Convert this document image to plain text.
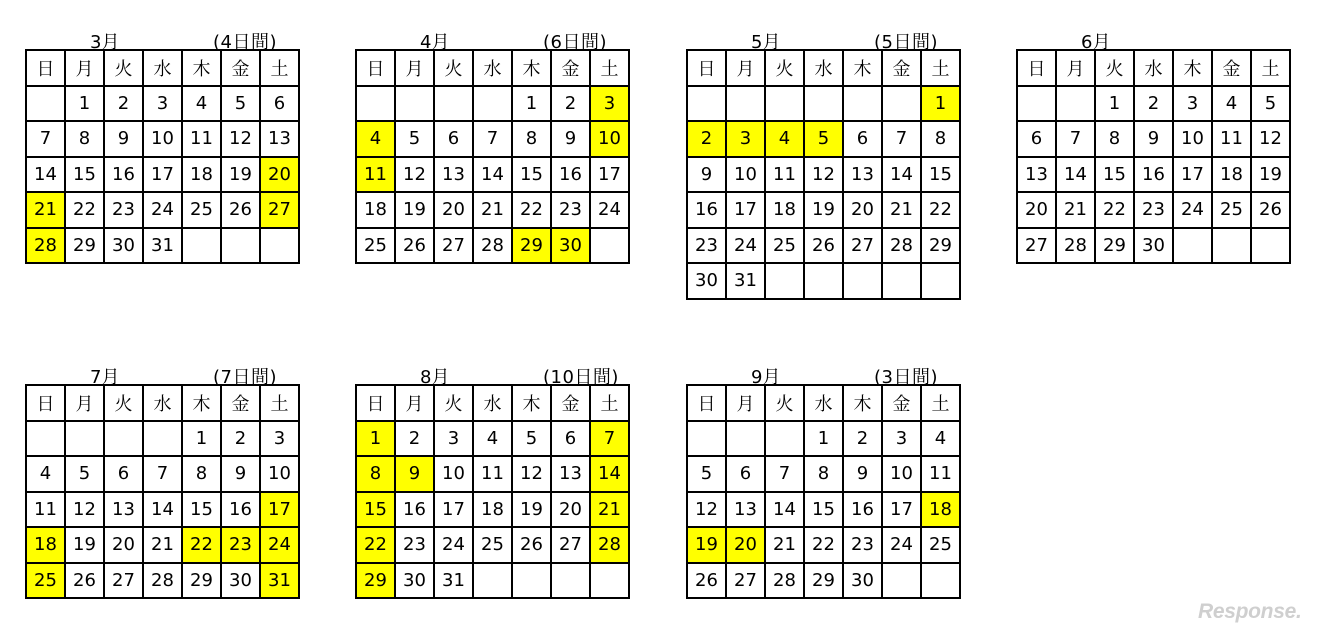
3月	(4日間)
日	月	火	水	木	金	土
	1	2	3	4	5	6
7	8	9	10	11	12	13
14	15	16	17	18	19	20
21	22	23	24	25	26	27
28	29	30	31			
4月	(6日間)
日	月	火	水	木	金	土
				1	2	3
4	5	6	7	8	9	10
11	12	13	14	15	16	17
18	19	20	21	22	23	24
25	26	27	28	29	30	
5月	(5日間)
日	月	火	水	木	金	土
						1
2	3	4	5	6	7	8
9	10	11	12	13	14	15
16	17	18	19	20	21	22
23	24	25	26	27	28	29
30	31					
6月
日	月	火	水	木	金	土
		1	2	3	4	5
6	7	8	9	10	11	12
13	14	15	16	17	18	19
20	21	22	23	24	25	26
27	28	29	30			
7月	(7日間)
日	月	火	水	木	金	土
				1	2	3
4	5	6	7	8	9	10
11	12	13	14	15	16	17
18	19	20	21	22	23	24
25	26	27	28	29	30	31
8月	(10日間)
日	月	火	水	木	金	土
1	2	3	4	5	6	7
8	9	10	11	12	13	14
15	16	17	18	19	20	21
22	23	24	25	26	27	28
29	30	31				
9月	(3日間)
日	月	火	水	木	金	土
			1	2	3	4
5	6	7	8	9	10	11
12	13	14	15	16	17	18
19	20	21	22	23	24	25
26	27	28	29	30		
Response.
